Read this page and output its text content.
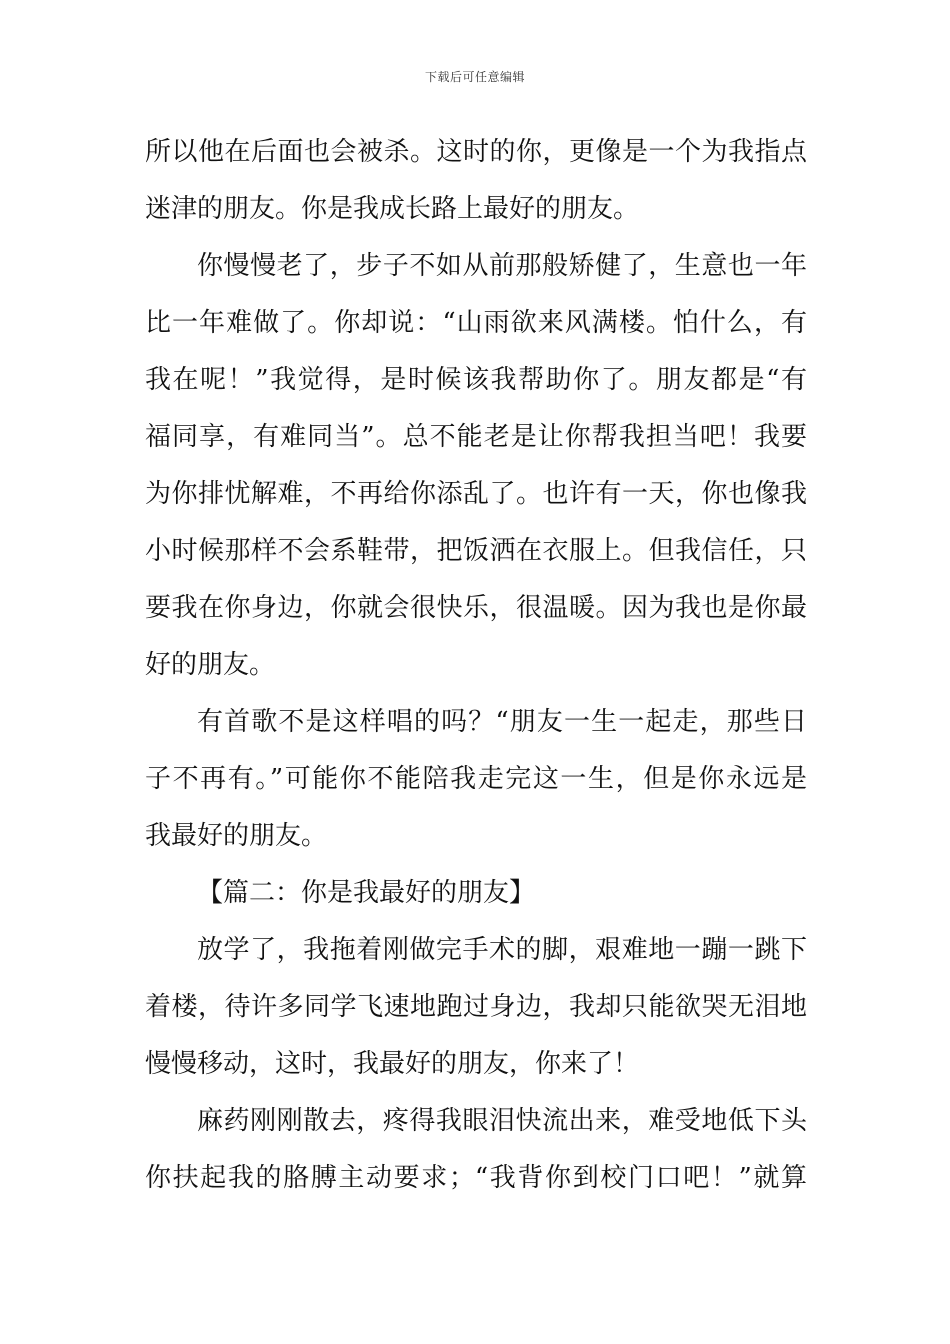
下载后可任意编辑
所以他在后面也会被杀。这时的你，更像是一个为我指点
迷津的朋友。你是我成长路上最好的朋友。
你慢慢老了，步子不如从前那般矫健了，生意也一年
比一年难做了。你却说：“山雨欲来风满楼。怕什么，有
我在呢！”我觉得，是时候该我帮助你了。朋友都是“有
福同享，有难同当”。总不能老是让你帮我担当吧！我要
为你排忧解难，不再给你添乱了。也许有一天，你也像我
小时候那样不会系鞋带，把饭洒在衣服上。但我信任，只
要我在你身边，你就会很快乐，很温暖。因为我也是你最
好的朋友。
有首歌不是这样唱的吗？“朋友一生一起走，那些日
子不再有。”可能你不能陪我走完这一生，但是你永远是
我最好的朋友。
【篇二：你是我最好的朋友】
放学了，我拖着刚做完手术的脚，艰难地一蹦一跳下
着楼，待许多同学飞速地跑过身边，我却只能欲哭无泪地
慢慢移动，这时，我最好的朋友，你来了！
麻药刚刚散去，疼得我眼泪快流出来，难受地低下头
你扶起我的胳膊主动要求；“我背你到校门口吧！”就算
